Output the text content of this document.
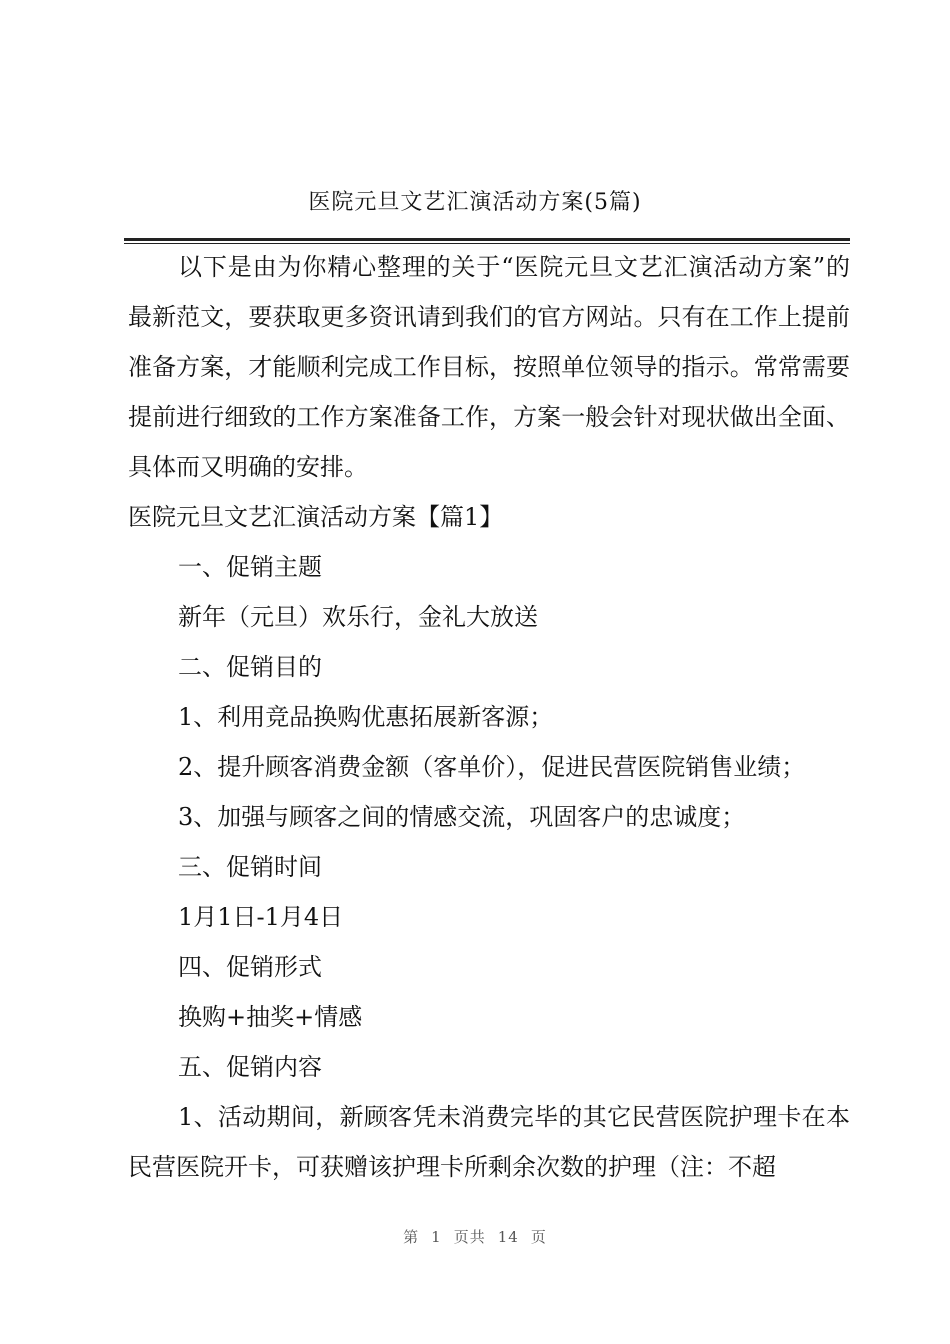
医院元旦文艺汇演活动方案(5篇)

以下是由为你精心整理的关于“医院元旦文艺汇演活动方案”的最新范文，要获取更多资讯请到我们的官方网站。只有在工作上提前准备方案，才能顺利完成工作目标，按照单位领导的指示。常常需要提前进行细致的工作方案准备工作，方案一般会针对现状做出全面、具体而又明确的安排。

医院元旦文艺汇演活动方案【篇1】

一、促销主题

新年（元旦）欢乐行，金礼大放送

二、促销目的

1、利用竞品换购优惠拓展新客源；

2、提升顾客消费金额（客单价），促进民营医院销售业绩；

3、加强与顾客之间的情感交流，巩固客户的忠诚度；

三、促销时间

1月1日-1月4日

四、促销形式

换购+抽奖+情感

五、促销内容

1、活动期间，新顾客凭未消费完毕的其它民营医院护理卡在本民营医院开卡，可获赠该护理卡所剩余次数的护理（注：不超

第 1 页共 14 页
